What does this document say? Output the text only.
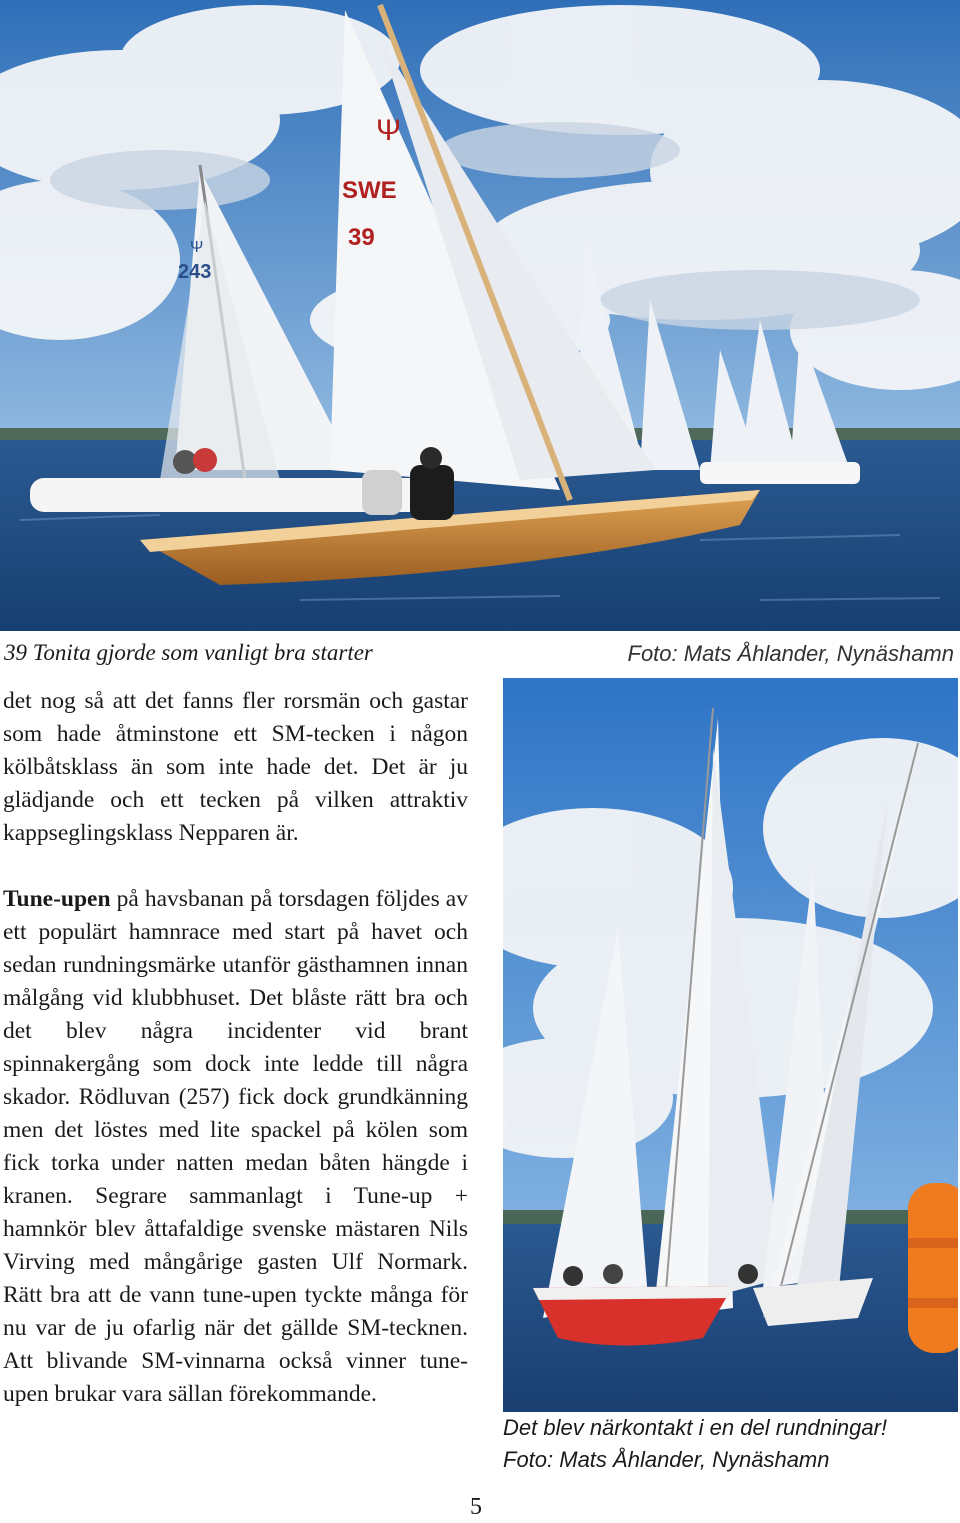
Ψ
SWE
39
Ψ
243
39 Tonita gjorde som vanligt bra starter	Foto: Mats Åhlander, Nynäshamn
Det blev närkontakt i en del rundningar!
Foto: Mats Åhlander, Nynäshamn

det nog så att det fanns fler rorsmän och gastar som hade åtminstone ett SM-tecken i någon kölbåtsklass än som inte hade det. Det är ju glädjande och ett tecken på vilken attraktiv kappseglingsklass Nepparen är.

Tune-upen på havsbanan på torsdagen följdes av ett populärt hamnrace med start på havet och sedan rundningsmärke utanför gästhamnen innan målgång vid klubbhuset. Det blåste rätt bra och det blev några incidenter vid brant spinnakergång som dock inte ledde till några skador. Rödluvan (257) fick dock grundkänning men det löstes med lite spackel på kölen som fick torka under natten medan båten hängde i kranen. Segrare sammanlagt i Tune-up + hamnkör blev åttafaldige svenske mästaren Nils Virving med mångårige gasten Ulf Normark. Rätt bra att de vann tune-upen tyckte många för nu var de ju ofarlig när det gällde SM-tecknen. Att blivande SM-vinnarna också vinner tune-upen brukar vara sällan förekommande.

5
